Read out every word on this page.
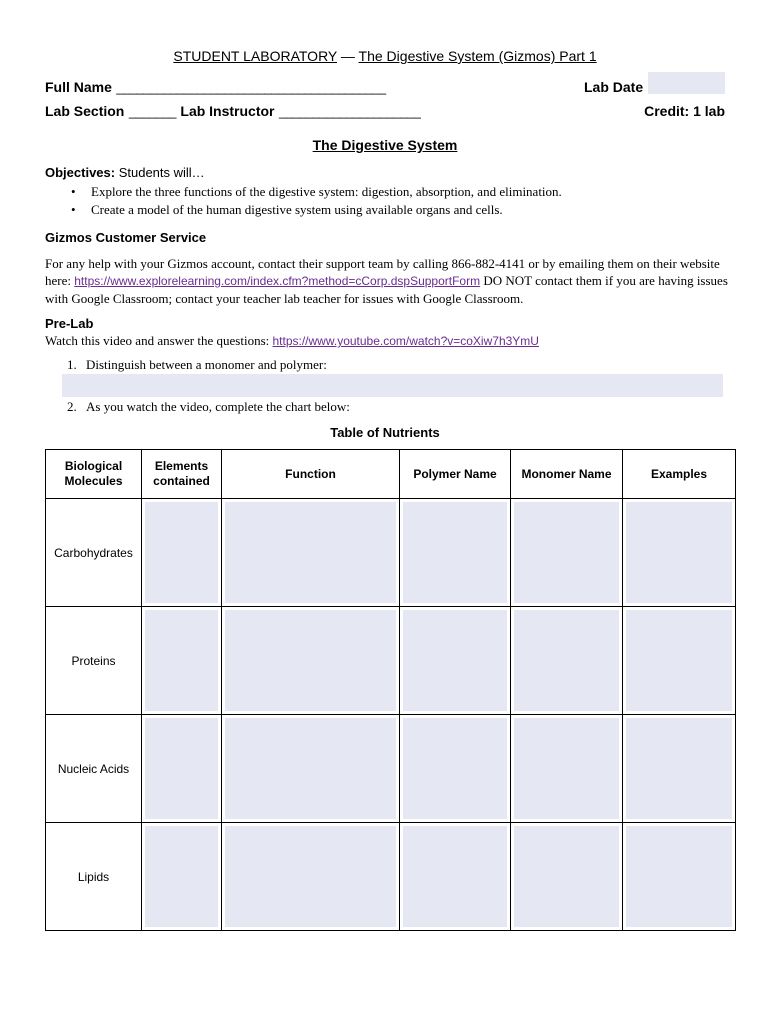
STUDENT LABORATORY — The Digestive System (Gizmos) Part 1
Full Name ________________________________________	Lab Date
Lab Section _______ Lab Instructor _____________________	Credit: 1 lab
The Digestive System
Objectives: Students will…
• Explore the three functions of the digestive system: digestion, absorption, and elimination.
• Create a model of the human digestive system using available organs and cells.
Gizmos Customer Service
For any help with your Gizmos account, contact their support team by calling 866-882-4141 or by emailing them on their website here: https://www.explorelearning.com/index.cfm?method=cCorp.dspSupportForm DO NOT contact them if you are having issues with Google Classroom; contact your teacher lab teacher for issues with Google Classroom.
Pre-Lab
Watch this video and answer the questions: https://www.youtube.com/watch?v=coXiw7h3YmU
1. Distinguish between a monomer and polymer:
2. As you watch the video, complete the chart below:
Table of Nutrients
Biological Molecules	Elements contained	Function	Polymer Name	Monomer Name	Examples
Carbohydrates	

Proteins	

Nucleic Acids	

Lipids	
